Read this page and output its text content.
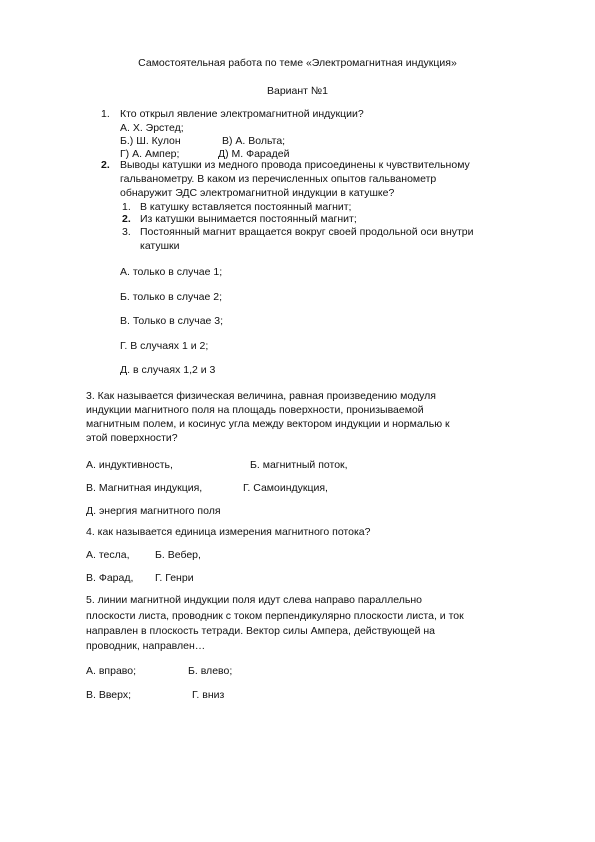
Самостоятельная работа по теме «Электромагнитная индукция»
Вариант №1
1. Кто открыл явление электромагнитной индукции?
А. Х. Эрстед;
Б.) Ш. Кулон	В) А. Вольта;
Г) А. Ампер;	Д) М. Фарадей
2. Выводы катушки из медного провода присоединены к чувствительному
гальванометру. В каком из перечисленных опытов гальванометр
обнаружит ЭДС электромагнитной индукции в катушке?
1. В катушку вставляется постоянный магнит;
2. Из катушки вынимается постоянный магнит;
3. Постоянный магнит вращается вокруг своей продольной оси внутри
катушки
А. только в случае 1;
Б. только в случае 2;
В. Только в случае 3;
Г. В случаях 1 и 2;
Д. в случаях 1,2 и 3
3. Как называется физическая величина, равная произведению модуля
индукции магнитного поля на площадь поверхности, пронизываемой
магнитным полем, и косинус угла между вектором индукции и нормалью к
этой поверхности?
А. индуктивность,	Б. магнитный поток,
В. Магнитная индукция,	Г. Самоиндукция,
Д. энергия магнитного поля
4. как называется единица измерения магнитного потока?
А. тесла, Б. Вебер,
В. Фарад, Г. Генри
5. линии магнитной индукции поля идут слева направо параллельно
плоскости листа, проводник с током перпендикулярно плоскости листа, и ток
направлен в плоскость тетради. Вектор силы Ампера, действующей на
проводник, направлен…
А. вправо;	Б. влево;
В. Вверх;	Г. вниз
